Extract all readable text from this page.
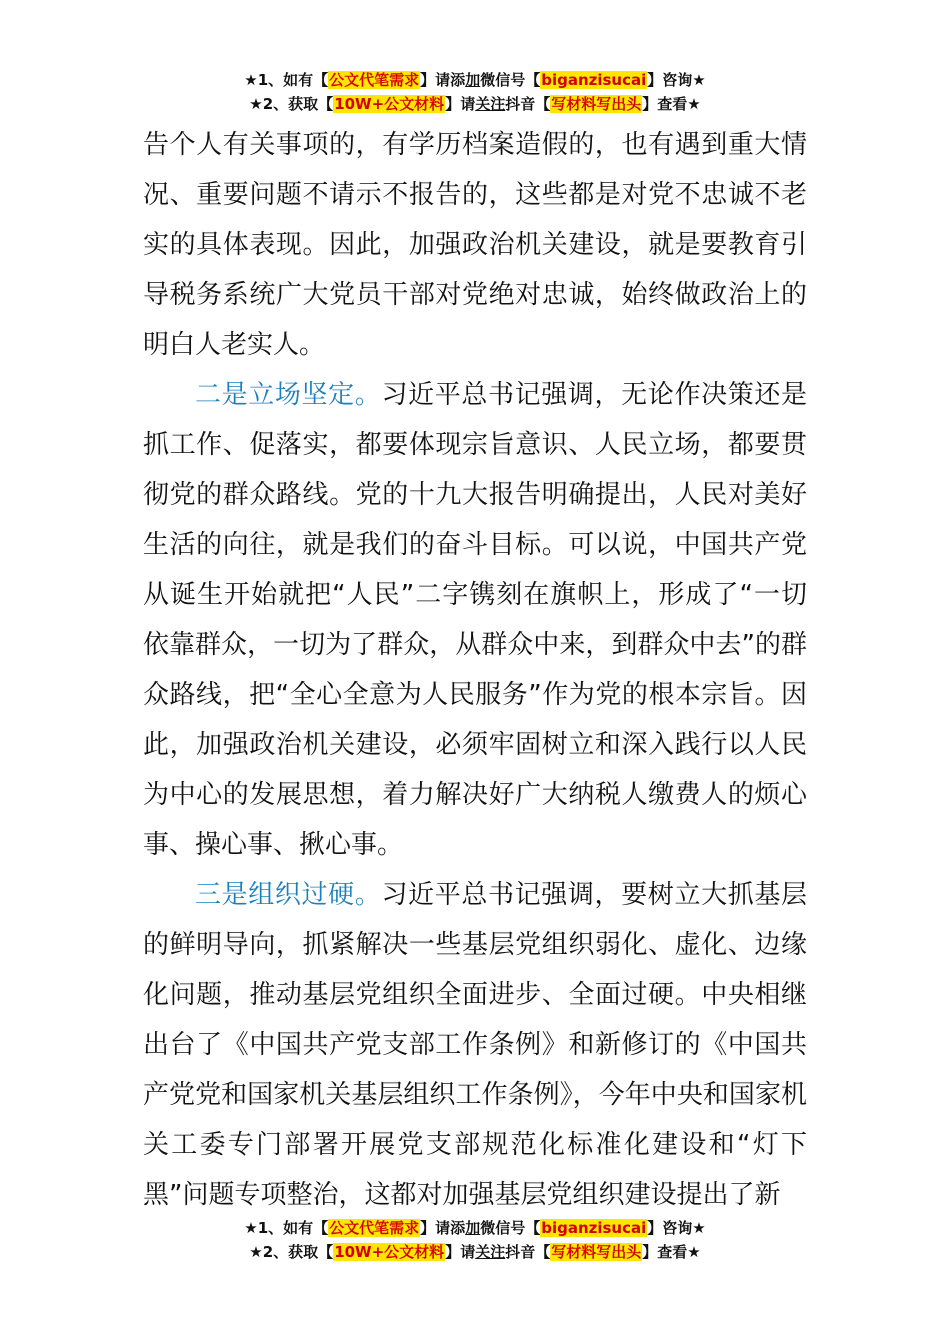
★1、如有【公文代笔需求】请添加微信号【biganzisucai】咨询★
★2、获取【10W+公文材料】请关注抖音【写材料写出头】查看★

告个人有关事项的，有学历档案造假的，也有遇到重大情况、重要问题不请示不报告的，这些都是对党不忠诚不老实的具体表现。因此，加强政治机关建设，就是要教育引导税务系统广大党员干部对党绝对忠诚，始终做政治上的明白人老实人。

二是立场坚定。习近平总书记强调，无论作决策还是抓工作、促落实，都要体现宗旨意识、人民立场，都要贯彻党的群众路线。党的十九大报告明确提出，人民对美好生活的向往，就是我们的奋斗目标。可以说，中国共产党从诞生开始就把“人民”二字镌刻在旗帜上，形成了“一切依靠群众，一切为了群众，从群众中来，到群众中去”的群众路线，把“全心全意为人民服务”作为党的根本宗旨。因此，加强政治机关建设，必须牢固树立和深入践行以人民为中心的发展思想，着力解决好广大纳税人缴费人的烦心事、操心事、揪心事。

三是组织过硬。习近平总书记强调，要树立大抓基层的鲜明导向，抓紧解决一些基层党组织弱化、虚化、边缘化问题，推动基层党组织全面进步、全面过硬。中央相继出台了《中国共产党支部工作条例》和新修订的《中国共产党党和国家机关基层组织工作条例》，今年中央和国家机关工委专门部署开展党支部规范化标准化建设和“灯下黑”问题专项整治，这都对加强基层党组织建设提出了新

★1、如有【公文代笔需求】请添加微信号【biganzisucai】咨询★
★2、获取【10W+公文材料】请关注抖音【写材料写出头】查看★
